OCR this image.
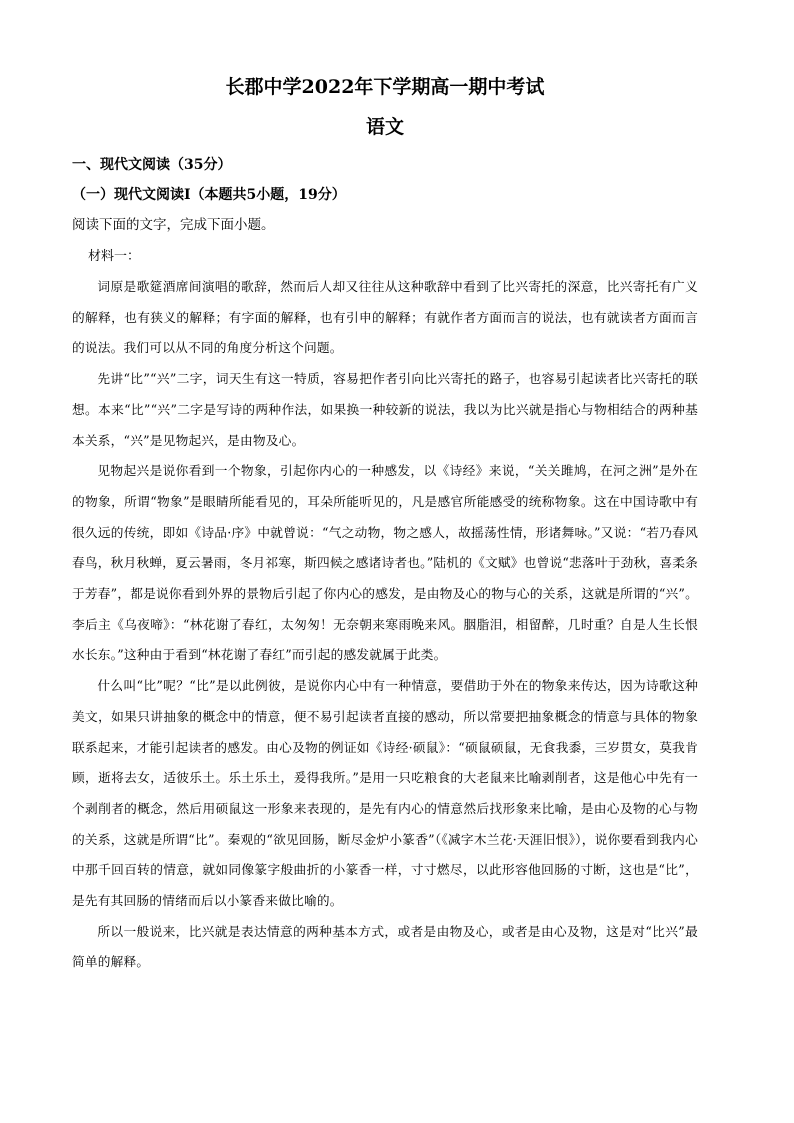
长郡中学2022年下学期高一期中考试
语文
一、现代文阅读（35分）
（一）现代文阅读Ⅰ（本题共5小题，19分）
阅读下面的文字，完成下面小题。
材料一：

词原是歌筵酒席间演唱的歌辞，然而后人却又往往从这种歌辞中看到了比兴寄托的深意，比兴寄托有广义的解释，也有狭义的解释；有字面的解释，也有引申的解释；有就作者方面而言的说法，也有就读者方面而言的说法。我们可以从不同的角度分析这个问题。

先讲“比”“兴”二字，词天生有这一特质，容易把作者引向比兴寄托的路子，也容易引起读者比兴寄托的联想。本来“比”“兴”二字是写诗的两种作法，如果换一种较新的说法，我以为比兴就是指心与物相结合的两种基本关系，“兴”是见物起兴，是由物及心。

见物起兴是说你看到一个物象，引起你内心的一种感发，以《诗经》来说，“关关雎鸠，在河之洲”是外在的物象，所谓“物象”是眼睛所能看见的，耳朵所能听见的，凡是感官所能感受的统称物象。这在中国诗歌中有很久远的传统，即如《诗品·序》中就曾说：“气之动物，物之感人，故摇荡性情，形诸舞咏。”又说：“若乃春风春鸟，秋月秋蝉，夏云暑雨，冬月祁寒，斯四候之感诸诗者也。”陆机的《文赋》也曾说“悲落叶于劲秋，喜柔条于芳春”，都是说你看到外界的景物后引起了你内心的感发，是由物及心的物与心的关系，这就是所谓的“兴”。李后主《乌夜啼》：“林花谢了春红，太匆匆！无奈朝来寒雨晚来风。胭脂泪，相留醉，几时重？自是人生长恨水长东。”这种由于看到“林花谢了春红”而引起的感发就属于此类。

什么叫“比”呢？“比”是以此例彼，是说你内心中有一种情意，要借助于外在的物象来传达，因为诗歌这种美文，如果只讲抽象的概念中的情意，便不易引起读者直接的感动，所以常要把抽象概念的情意与具体的物象联系起来，才能引起读者的感发。由心及物的例证如《诗经·硕鼠》：“硕鼠硕鼠，无食我黍，三岁贯女，莫我肯顾，逝将去女，适彼乐土。乐土乐土，爰得我所。”是用一只吃粮食的大老鼠来比喻剥削者，这是他心中先有一个剥削者的概念，然后用硕鼠这一形象来表现的，是先有内心的情意然后找形象来比喻，是由心及物的心与物的关系，这就是所谓“比”。秦观的“欲见回肠，断尽金炉小篆香”（《减字木兰花·天涯旧恨》），说你要看到我内心中那千回百转的情意，就如同像篆字般曲折的小篆香一样，寸寸燃尽，以此形容他回肠的寸断，这也是“比”，是先有其回肠的情绪而后以小篆香来做比喻的。

所以一般说来，比兴就是表达情意的两种基本方式，或者是由物及心，或者是由心及物，这是对“比兴”最简单的解释。
